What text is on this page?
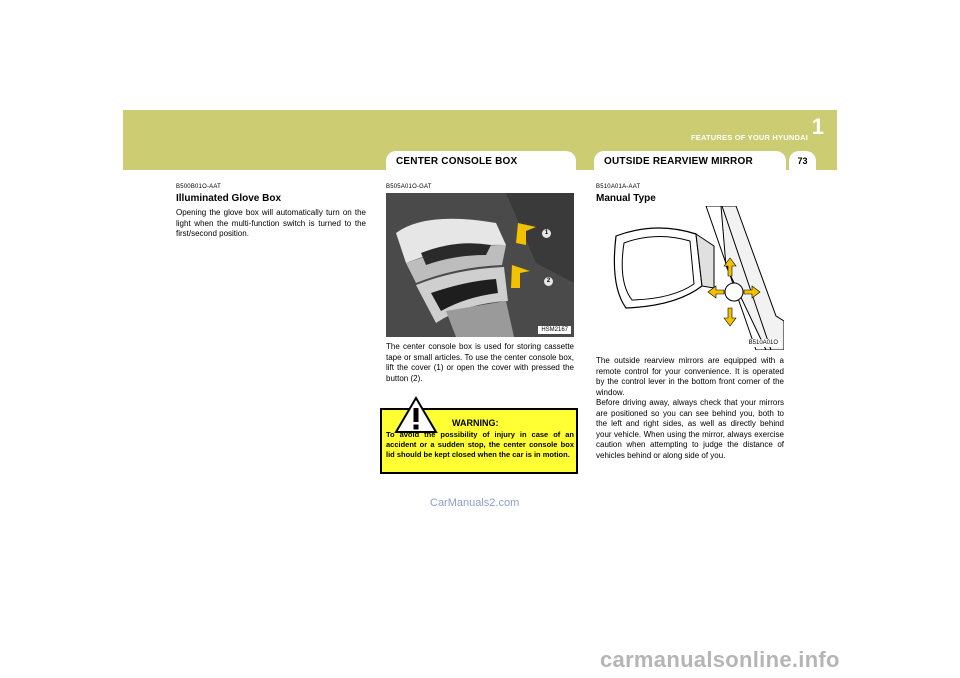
1
FEATURES OF YOUR HYUNDAI
CENTER CONSOLE BOX	OUTSIDE REARVIEW MIRROR	73
B500B01O-AAT
Illuminated Glove Box

Opening the glove box will automatically turn on the light when the multi-function switch is turned to the first/second position.

B505A01O-GAT
1
2
HSM2167

The center console box is used for storing cassette tape or small articles. To use the center console box, lift the cover (1) or open the cover with pressed the button (2).

WARNING:

To avoid the possibility of injury in case of an accident or a sudden stop, the center console box lid should be kept closed when the car is in motion.

B510A01A-AAT
Manual Type
B510A01O

The outside rearview mirrors are equipped with a remote control for your convenience. It is operated by the control lever in the bottom front corner of the window.
Before driving away, always check that your mirrors are positioned so you can see behind you, both to the left and right sides, as well as directly behind your vehicle. When using the mirror, always exercise caution when attempting to judge the distance of vehicles behind or along side of you.

CarManuals2.com
carmanualsonline.info
